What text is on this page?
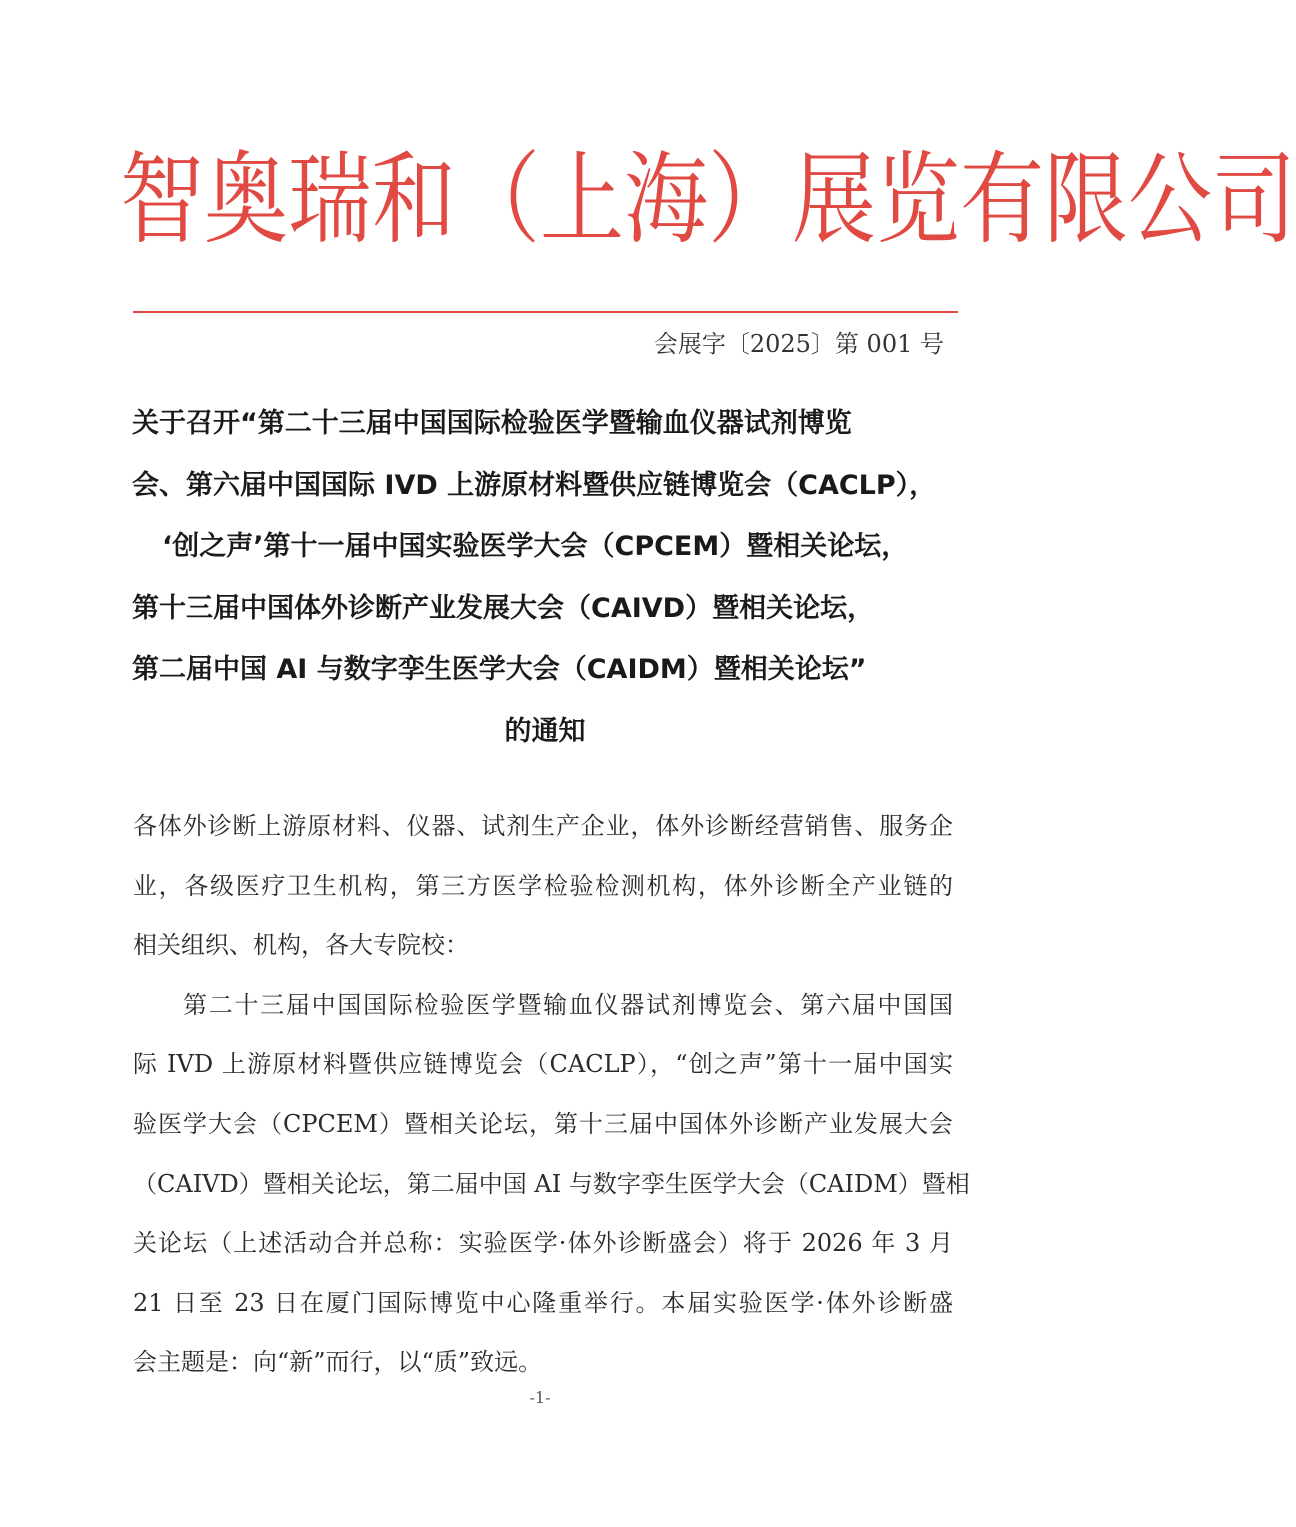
智奥瑞和（上海）展览有限公司
会展字〔2025〕第 001 号
关于召开“第二十三届中国国际检验医学暨输血仪器试剂博览
会、第六届中国国际 IVD 上游原材料暨供应链博览会（CACLP），
‘创之声’第十一届中国实验医学大会（CPCEM）暨相关论坛，
第十三届中国体外诊断产业发展大会（CAIVD）暨相关论坛，
第二届中国 AI 与数字孪生医学大会（CAIDM）暨相关论坛”
的通知
各体外诊断上游原材料、仪器、试剂生产企业，体外诊断经营销售、服务企
业，各级医疗卫生机构，第三方医学检验检测机构，体外诊断全产业链的
相关组织、机构，各大专院校：
第二十三届中国国际检验医学暨输血仪器试剂博览会、第六届中国国
际 IVD 上游原材料暨供应链博览会（CACLP），“创之声”第十一届中国实
验医学大会（CPCEM）暨相关论坛，第十三届中国体外诊断产业发展大会
（CAIVD）暨相关论坛，第二届中国 AI 与数字孪生医学大会（CAIDM）暨相
关论坛（上述活动合并总称：实验医学·体外诊断盛会）将于 2026 年 3 月
21 日至 23 日在厦门国际博览中心隆重举行。本届实验医学·体外诊断盛
会主题是：向“新”而行，以“质”致远。
-1-
